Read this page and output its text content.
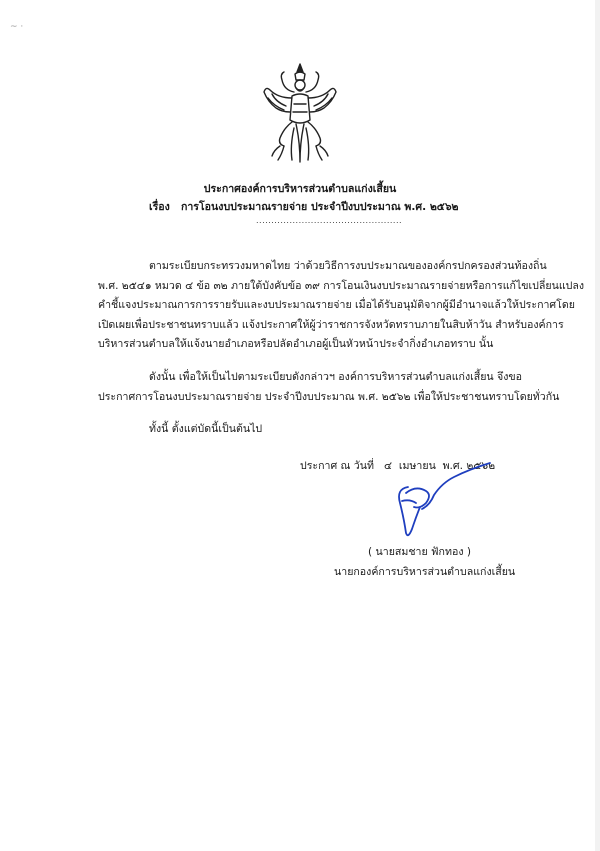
~ ·
ประกาศองค์การบริหารส่วนตำบลแก่งเสี้ยน
เรื่อง การโอนงบประมาณรายจ่าย ประจำปีงบประมาณ พ.ศ. ๒๕๖๒
................................................
ตามระเบียบกระทรวงมหาดไทย ว่าด้วยวิธีการงบประมาณขององค์กรปกครองส่วนท้องถิ่น
พ.ศ. ๒๕๔๑ หมวด ๔ ข้อ ๓๒ ภายใต้บังคับข้อ ๓๙ การโอนเงินงบประมาณรายจ่ายหรือการแก้ไขเปลี่ยนแปลง
คำชี้แจงประมาณการการรายรับและงบประมาณรายจ่าย เมื่อได้รับอนุมัติจากผู้มีอำนาจแล้วให้ประกาศโดย
เปิดเผยเพื่อประชาชนทราบแล้ว แจ้งประกาศให้ผู้ว่าราชการจังหวัดทราบภายในสิบห้าวัน สำหรับองค์การ
บริหารส่วนตำบลให้แจ้งนายอำเภอหรือปลัดอำเภอผู้เป็นหัวหน้าประจำกิ่งอำเภอทราบ นั้น
ดังนั้น เพื่อให้เป็นไปตามระเบียบดังกล่าวฯ องค์การบริหารส่วนตำบลแก่งเสี้ยน จึงขอ
ประกาศการโอนงบประมาณรายจ่าย ประจำปีงบประมาณ พ.ศ. ๒๕๖๒ เพื่อให้ประชาชนทราบโดยทั่วกัน
ทั้งนี้ ตั้งแต่บัดนี้เป็นต้นไป
ประกาศ ณ วันที่ ๔ เมษายน พ.ศ. ๒๕๖๒
( นายสมชาย ฟักทอง )
นายกองค์การบริหารส่วนตำบลแก่งเสี้ยน
